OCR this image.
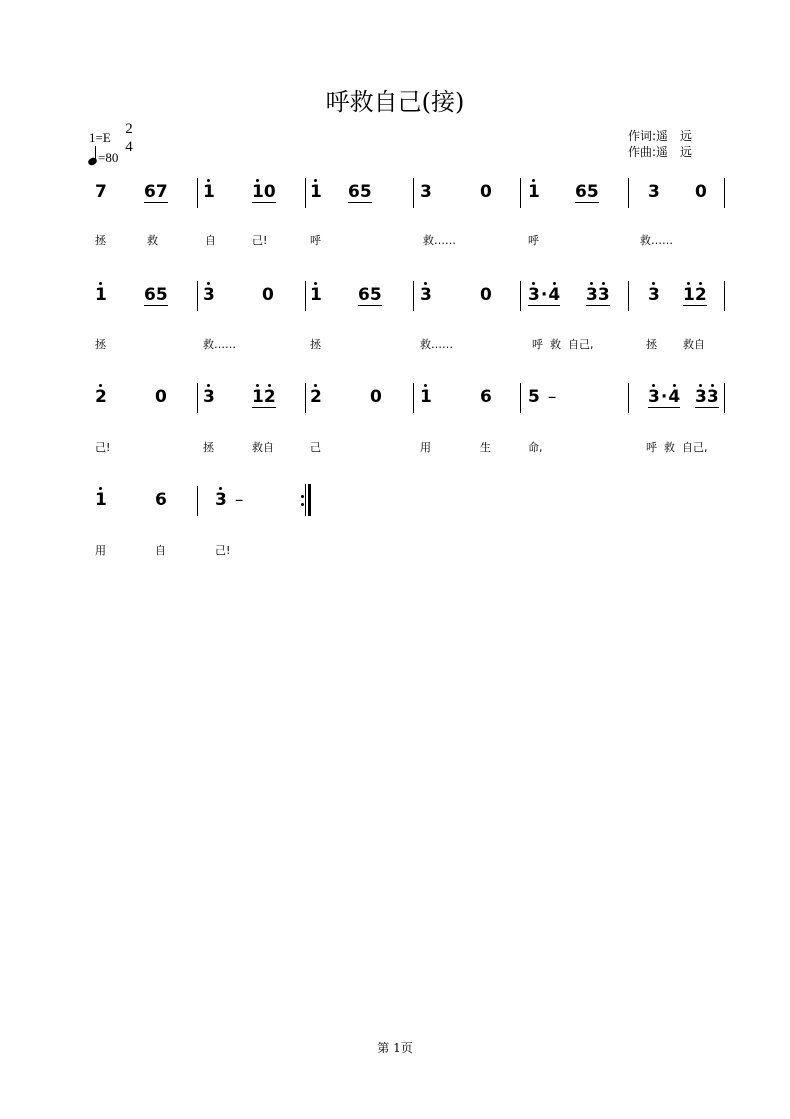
呼救自己(接)
1=E
2
4
=80
作词:遥　远
作曲:遥　远
7 67 1 10 1 65	3	0 1 65	3 0
拯	救	自	己!	呼	救……	呼	救……
1 65 3	0 1 65 3	0 3·4 33 3 12
拯	救……	拯	救……	呼  救  自己,	拯 救自
2	0 3 12 2	0 1	6 5 –	3·4 33
己!	拯	救自	己	用	生	命,	呼  救  自己,
1	6	3 –
用	自	己!
第 1页
